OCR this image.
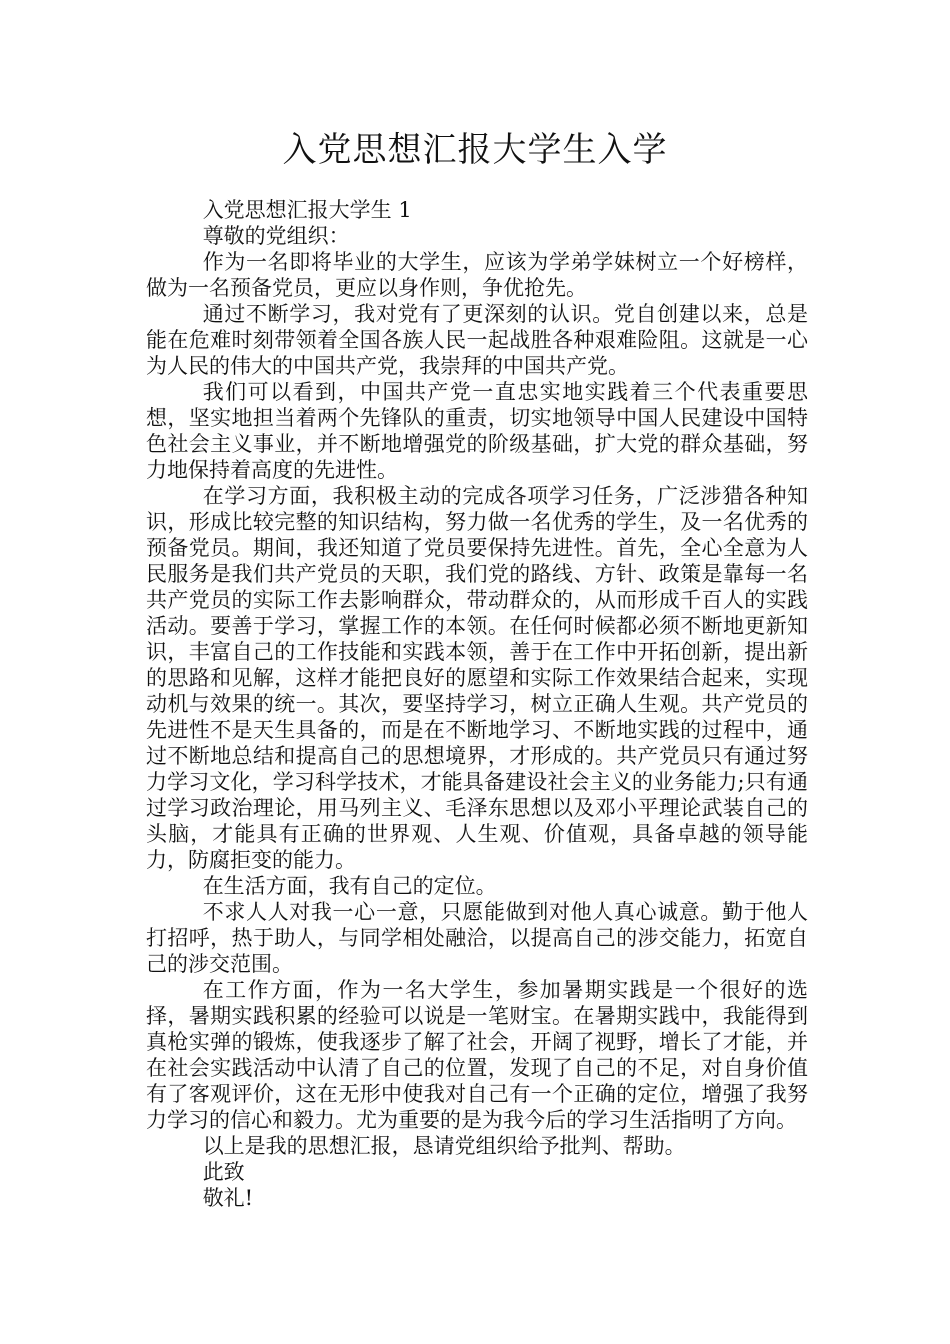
入党思想汇报大学生入学

入党思想汇报大学生 1

尊敬的党组织：

作为一名即将毕业的大学生，应该为学弟学妹树立一个好榜样，做为一名预备党员，更应以身作则，争优抢先。

通过不断学习，我对党有了更深刻的认识。党自创建以来，总是能在危难时刻带领着全国各族人民一起战胜各种艰难险阻。这就是一心为人民的伟大的中国共产党，我崇拜的中国共产党。

我们可以看到，中国共产党一直忠实地实践着三个代表重要思想，坚实地担当着两个先锋队的重责，切实地领导中国人民建设中国特色社会主义事业，并不断地增强党的阶级基础，扩大党的群众基础，努力地保持着高度的先进性。

在学习方面，我积极主动的完成各项学习任务，广泛涉猎各种知识，形成比较完整的知识结构，努力做一名优秀的学生，及一名优秀的预备党员。期间，我还知道了党员要保持先进性。首先，全心全意为人民服务是我们共产党员的天职，我们党的路线、方针、政策是靠每一名共产党员的实际工作去影响群众，带动群众的，从而形成千百人的实践活动。要善于学习，掌握工作的本领。在任何时候都必须不断地更新知识，丰富自己的工作技能和实践本领，善于在工作中开拓创新，提出新的思路和见解，这样才能把良好的愿望和实际工作效果结合起来，实现动机与效果的统一。其次，要坚持学习，树立正确人生观。共产党员的先进性不是天生具备的，而是在不断地学习、不断地实践的过程中，通过不断地总结和提高自己的思想境界，才形成的。共产党员只有通过努力学习文化，学习科学技术，才能具备建设社会主义的业务能力;只有通过学习政治理论，用马列主义、毛泽东思想以及邓小平理论武装自己的头脑，才能具有正确的世界观、人生观、价值观，具备卓越的领导能力，防腐拒变的能力。

在生活方面，我有自己的定位。

不求人人对我一心一意，只愿能做到对他人真心诚意。勤于他人打招呼，热于助人，与同学相处融洽，以提高自己的涉交能力，拓宽自己的涉交范围。

在工作方面，作为一名大学生，参加暑期实践是一个很好的选择，暑期实践积累的经验可以说是一笔财宝。在暑期实践中，我能得到真枪实弹的锻炼，使我逐步了解了社会，开阔了视野，增长了才能，并在社会实践活动中认清了自己的位置，发现了自己的不足，对自身价值有了客观评价，这在无形中使我对自己有一个正确的定位，增强了我努力学习的信心和毅力。尤为重要的是为我今后的学习生活指明了方向。

以上是我的思想汇报，恳请党组织给予批判、帮助。

此致

敬礼!
